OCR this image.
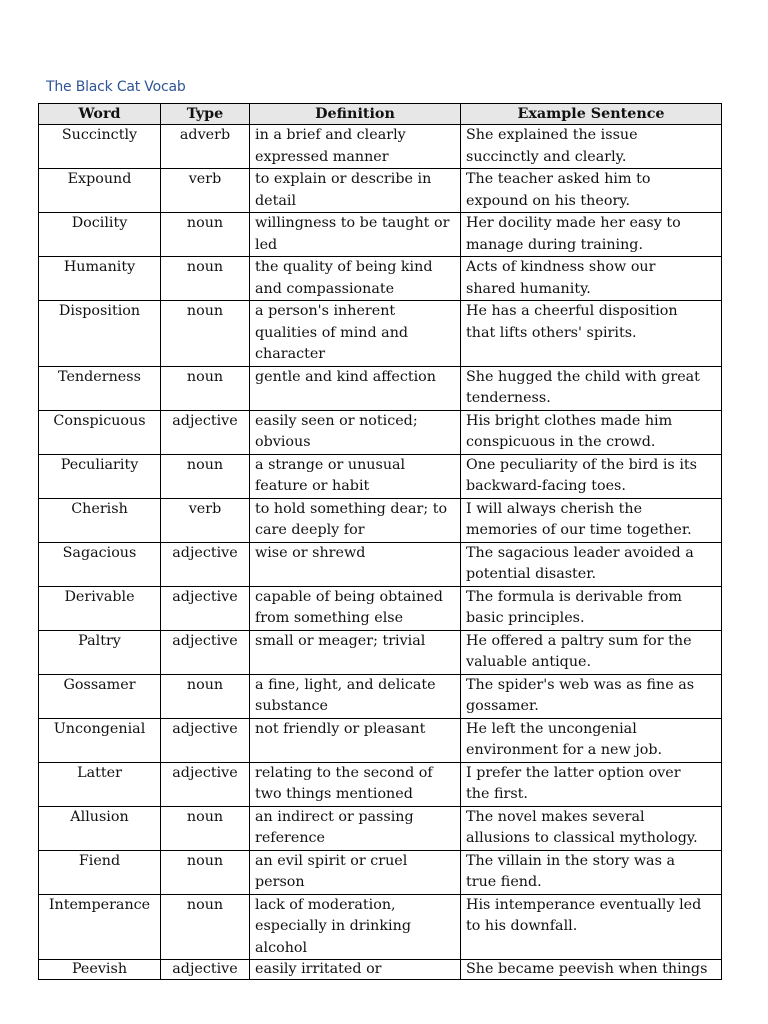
The Black Cat Vocab
Word	Type	Definition	Example Sentence
Succinctly	adverb	in a brief and clearly expressed manner	She explained the issue
succinctly and clearly.
Expound	verb	to explain or describe in detail	The teacher asked him to
expound on his theory.
Docility	noun	willingness to be taught or led	Her docility made her easy to
manage during training.
Humanity	noun	the quality of being kind and compassionate	Acts of kindness show our
shared humanity.
Disposition	noun	a person's inherent qualities of mind and character	He has a cheerful disposition
that lifts others' spirits.
Tenderness	noun	gentle and kind affection	She hugged the child with great
tenderness.
Conspicuous	adjective	easily seen or noticed; obvious	His bright clothes made him
conspicuous in the crowd.
Peculiarity	noun	a strange or unusual feature or habit	One peculiarity of the bird is its
backward-facing toes.
Cherish	verb	to hold something dear; to care deeply for	I will always cherish the
memories of our time together.
Sagacious	adjective	wise or shrewd	The sagacious leader avoided a
potential disaster.
Derivable	adjective	capable of being obtained from something else	The formula is derivable from
basic principles.
Paltry	adjective	small or meager; trivial	He offered a paltry sum for the
valuable antique.
Gossamer	noun	a fine, light, and delicate substance	The spider's web was as fine as
gossamer.
Uncongenial	adjective	not friendly or pleasant	He left the uncongenial
environment for a new job.
Latter	adjective	relating to the second of two things mentioned	I prefer the latter option over
the first.
Allusion	noun	an indirect or passing reference	The novel makes several
allusions to classical mythology.
Fiend	noun	an evil spirit or cruel person	The villain in the story was a
true fiend.
Intemperance	noun	lack of moderation, especially in drinking alcohol	His intemperance eventually led
to his downfall.
Peevish	adjective	easily irritated or	She became peevish when things
